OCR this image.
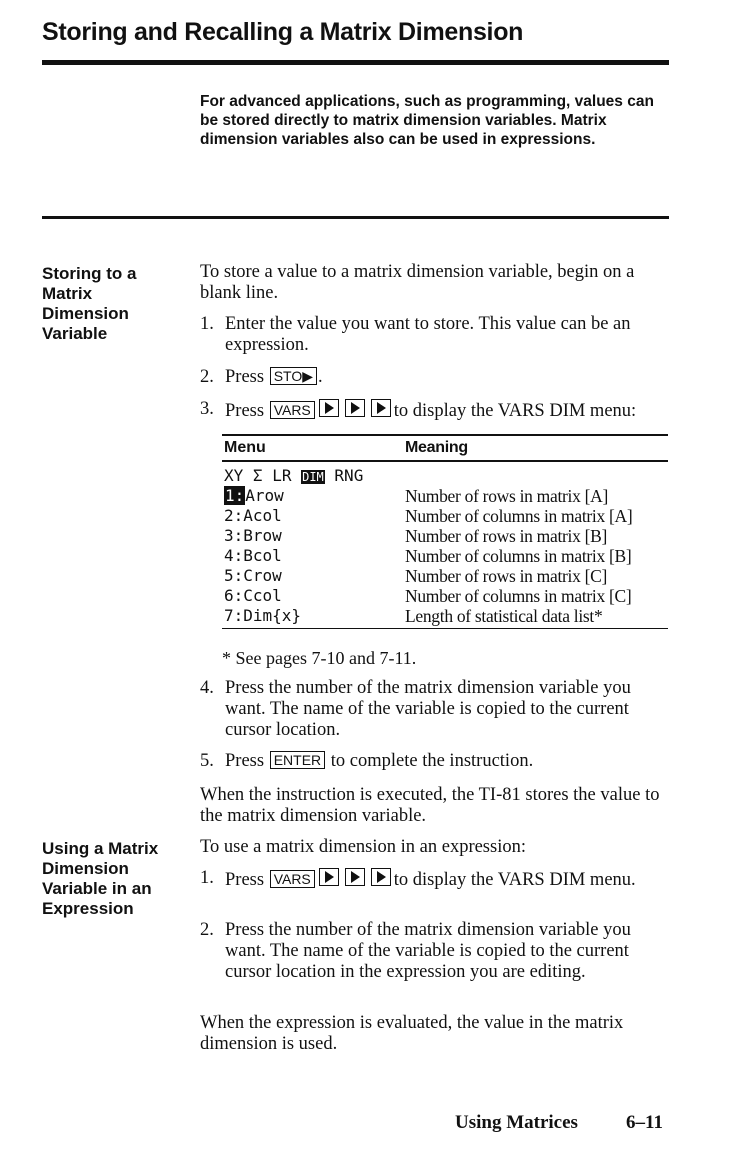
Storing and Recalling a Matrix Dimension
For advanced applications, such as programming, values can be stored directly to matrix dimension variables. Matrix dimension variables also can be used in expressions.
Storing to a Matrix Dimension Variable
To store a value to a matrix dimension variable, begin on a blank line.
1. Enter the value you want to store. This value can be an expression.
2. Press STO▶ .
3. Press VARS	to display the VARS DIM menu:
Menu	Meaning
XY Σ LR DIM RNG
1:Arow	Number of rows in matrix [A]
2:Acol	Number of columns in matrix [A]
3:Brow	Number of rows in matrix [B]
4:Bcol	Number of columns in matrix [B]
5:Crow	Number of rows in matrix [C]
6:Ccol	Number of columns in matrix [C]
7:Dim{x}	Length of statistical data list*
* See pages 7-10 and 7-11.
4. Press the number of the matrix dimension variable you want. The name of the variable is copied to the current cursor location.
5. Press ENTER to complete the instruction.
When the instruction is executed, the TI-81 stores the value to the matrix dimension variable.
Using a Matrix Dimension Variable in an Expression
To use a matrix dimension in an expression:
1. Press VARS	to display the VARS DIM menu.
2. Press the number of the matrix dimension variable you want. The name of the variable is copied to the current cursor location in the expression you are editing.
When the expression is evaluated, the value in the matrix dimension is used.
Using Matrices	6–11
